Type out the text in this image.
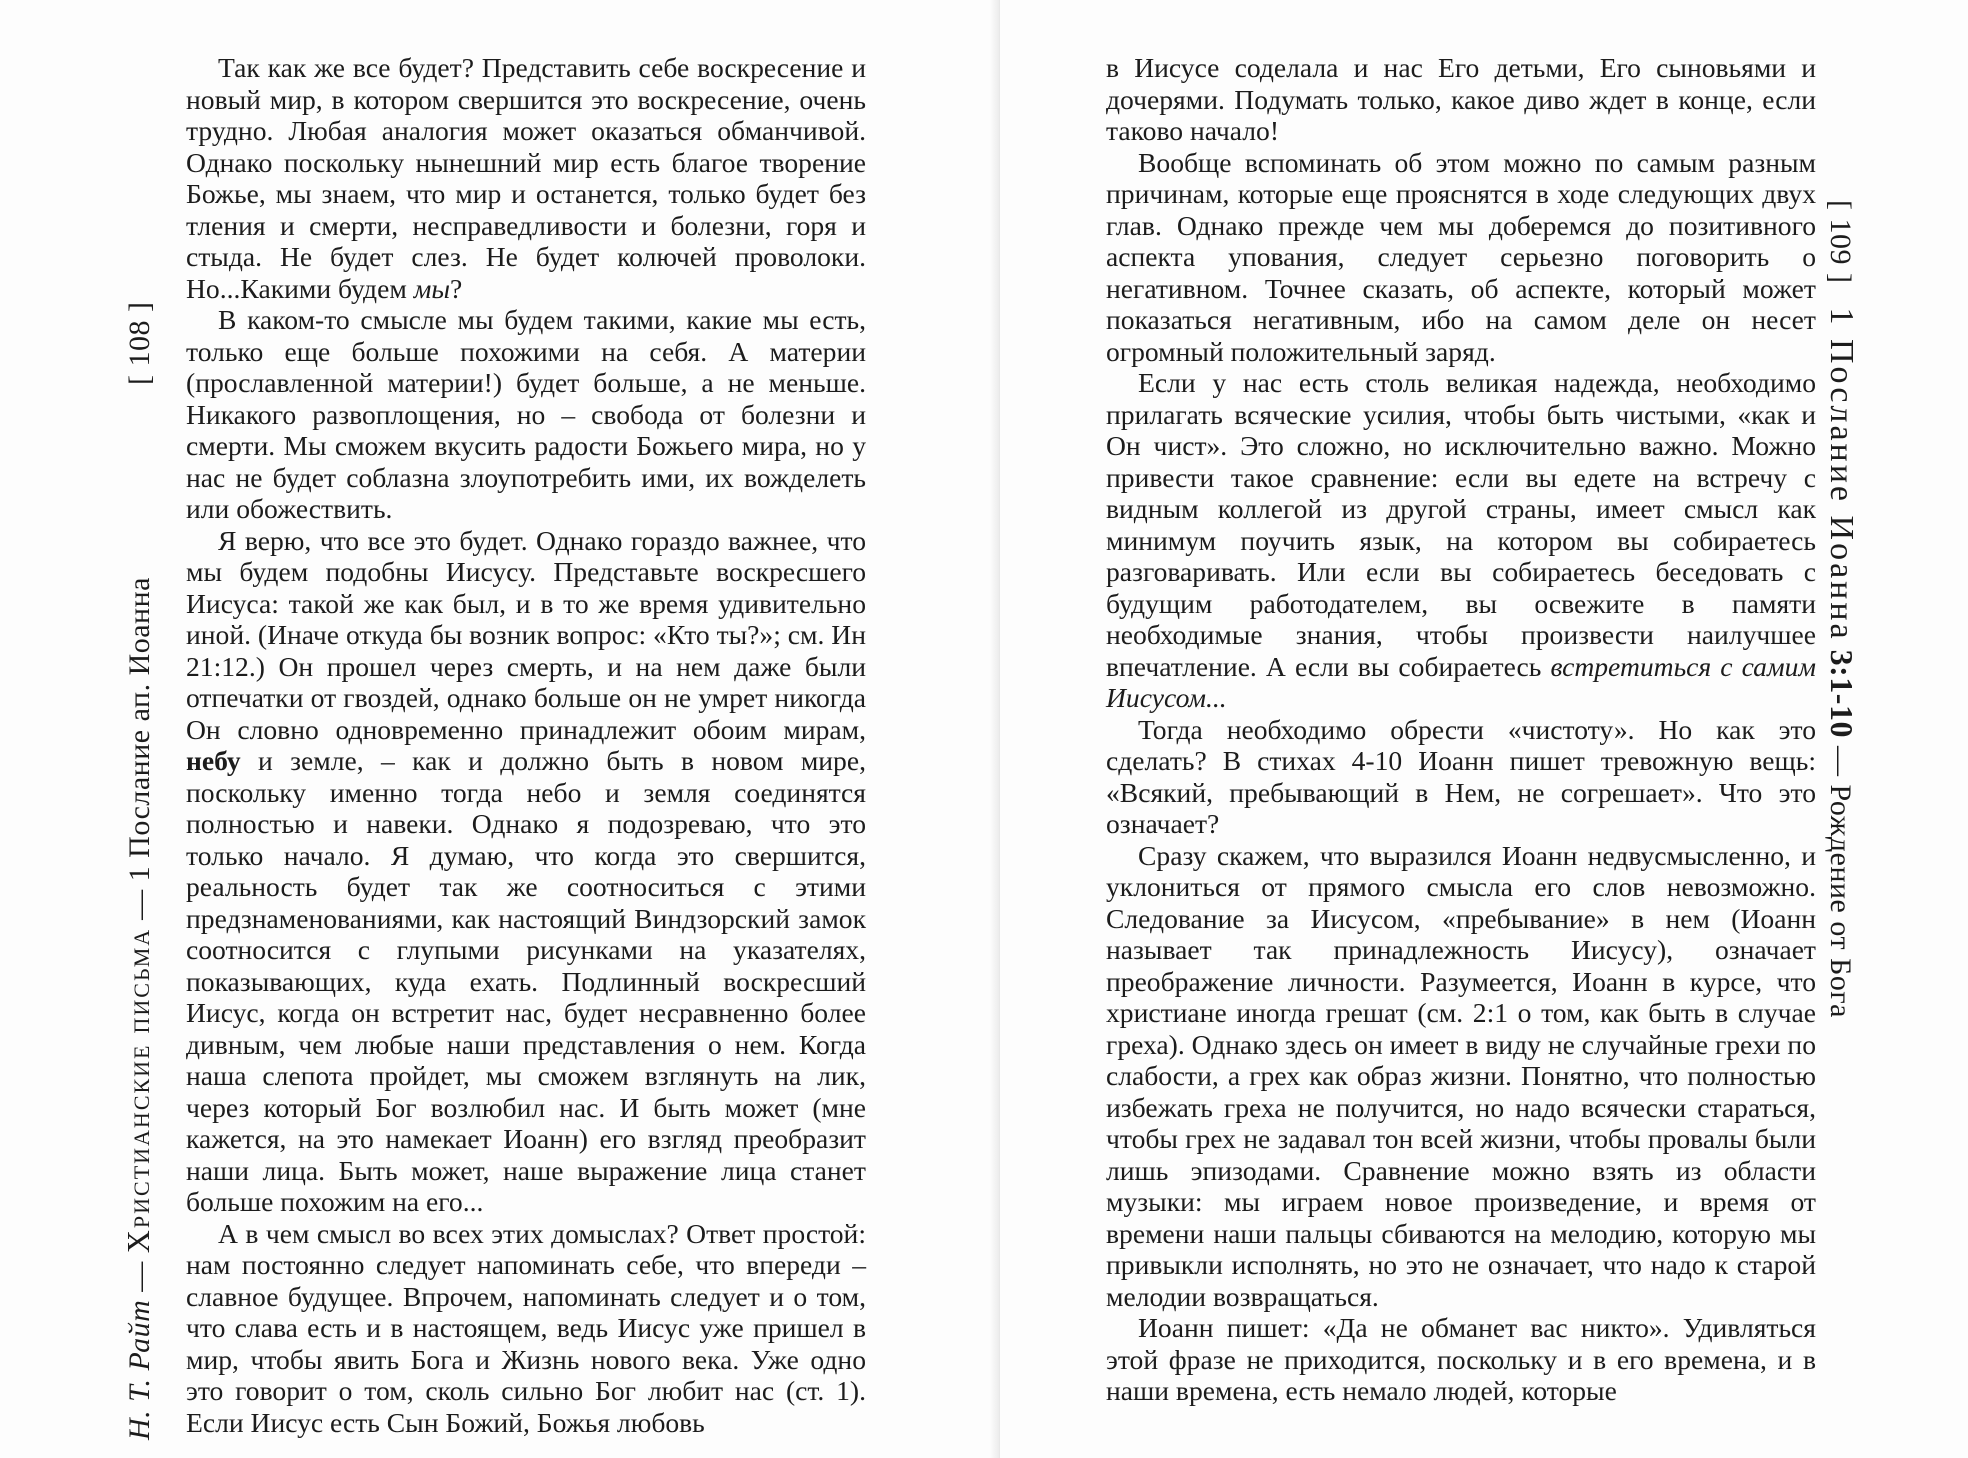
Н. Т. Райт — Христианские письма — 1 Послание ап. Иоанна                        [ 108 ]

Так как же все будет? Представить себе воскресение и новый мир, в котором свершится это воскресение, очень трудно. Любая аналогия может оказаться обманчивой. Однако поскольку нынешний мир есть благое творение Божье, мы знаем, что мир и останется, только будет без тления и смерти, несправедливости и болезни, горя и стыда. Не будет слез. Не будет колючей проволоки. Но...Какими будем мы?

В каком-то смысле мы будем такими, какие мы есть, только еще больше похожими на себя. А материи (прославленной материи!) будет больше, а не меньше. Никакого развоплощения, но – свобода от болезни и смерти. Мы сможем вкусить радости Божьего мира, но у нас не будет соблазна злоупотребить ими, их вожделеть или обожествить.

Я верю, что все это будет. Однако гораздо важнее, что мы будем подобны Иисусу. Представьте воскресшего Иисуса: такой же как был, и в то же время удивительно иной. (Иначе откуда бы возник вопрос: «Кто ты?»; см. Ин 21:12.) Он прошел через смерть, и на нем даже были отпечатки от гвоздей, однако больше он не умрет никогда Он словно одновременно принадлежит обоим мирам, небу и земле, – как и должно быть в новом мире, поскольку именно тогда небо и земля соединятся полностью и навеки. Однако я подозреваю, что это только начало. Я думаю, что когда это свершится, реальность будет так же соотноситься с этими предзнаменованиями, как настоящий Виндзорский замок соотносится с глупыми рисунками на указателях, показывающих, куда ехать. Подлинный воскресший Иисус, когда он встретит нас, будет несравненно более дивным, чем любые наши представления о нем. Когда наша слепота пройдет, мы сможем взглянуть на лик, через который Бог возлюбил нас. И быть может (мне кажется, на это намекает Иоанн) его взгляд преобразит наши лица. Быть может, наше выражение лица станет больше похожим на его...

А в чем смысл во всех этих домыслах? Ответ простой: нам постоянно следует напоминать себе, что впереди – славное будущее. Впрочем, напоминать следует и о том, что слава есть и в настоящем, ведь Иисус уже пришел в мир, чтобы явить Бога и Жизнь нового века. Уже одно это говорит о том, сколь сильно Бог любит нас (ст. 1). Если Иисус есть Сын Божий, Божья любовь

в Иисусе соделала и нас Его детьми, Его сыновьями и дочерями. Подумать только, какое диво ждет в конце, если таково начало!

Вообще вспоминать об этом можно по самым разным причинам, которые еще прояснятся в ходе следующих двух глав. Однако прежде чем мы доберемся до позитивного аспекта упования, следует серьезно поговорить о негативном. Точнее сказать, об аспекте, который может показаться негативным, ибо на самом деле он несет огромный положительный заряд.

Если у нас есть столь великая надежда, необходимо прилагать всяческие усилия, чтобы быть чистыми, «как и Он чист». Это сложно, но исключительно важно. Можно привести такое сравнение: если вы едете на встречу с видным коллегой из другой страны, имеет смысл как минимум поучить язык, на котором вы собираетесь разговаривать. Или если вы собираетесь беседовать с будущим работодателем, вы освежите в памяти необходимые знания, чтобы произвести наилучшее впечатление. А если вы собираетесь встретиться с самим Иисусом...

Тогда необходимо обрести «чистоту». Но как это сделать? В стихах 4-10 Иоанн пишет тревожную вещь: «Всякий, пребывающий в Нем, не согрешает». Что это означает?

Сразу скажем, что выразился Иоанн недвусмысленно, и уклониться от прямого смысла его слов невозможно. Следование за Иисусом, «пребывание» в нем (Иоанн называет так принадлежность Иисусу), означает преображение личности. Разумеется, Иоанн в курсе, что христиане иногда грешат (см. 2:1 о том, как быть в случае греха). Однако здесь он имеет в виду не случайные грехи по слабости, а грех как образ жизни. Понятно, что полностью избежать греха не получится, но надо всячески стараться, чтобы грех не задавал тон всей жизни, чтобы провалы были лишь эпизодами. Сравнение можно взять из области музыки: мы играем новое произведение, и время от времени наши пальцы сбиваются на мелодию, которую мы привыкли исполнять, но это не означает, что надо к старой мелодии возвращаться.

Иоанн пишет: «Да не обманет вас никто». Удивляться этой фразе не приходится, поскольку и в его времена, и в наши времена, есть немало людей, которые

[ 109 ]   1 Послание Иоанна 3:1-10 — Рождение от Бога
